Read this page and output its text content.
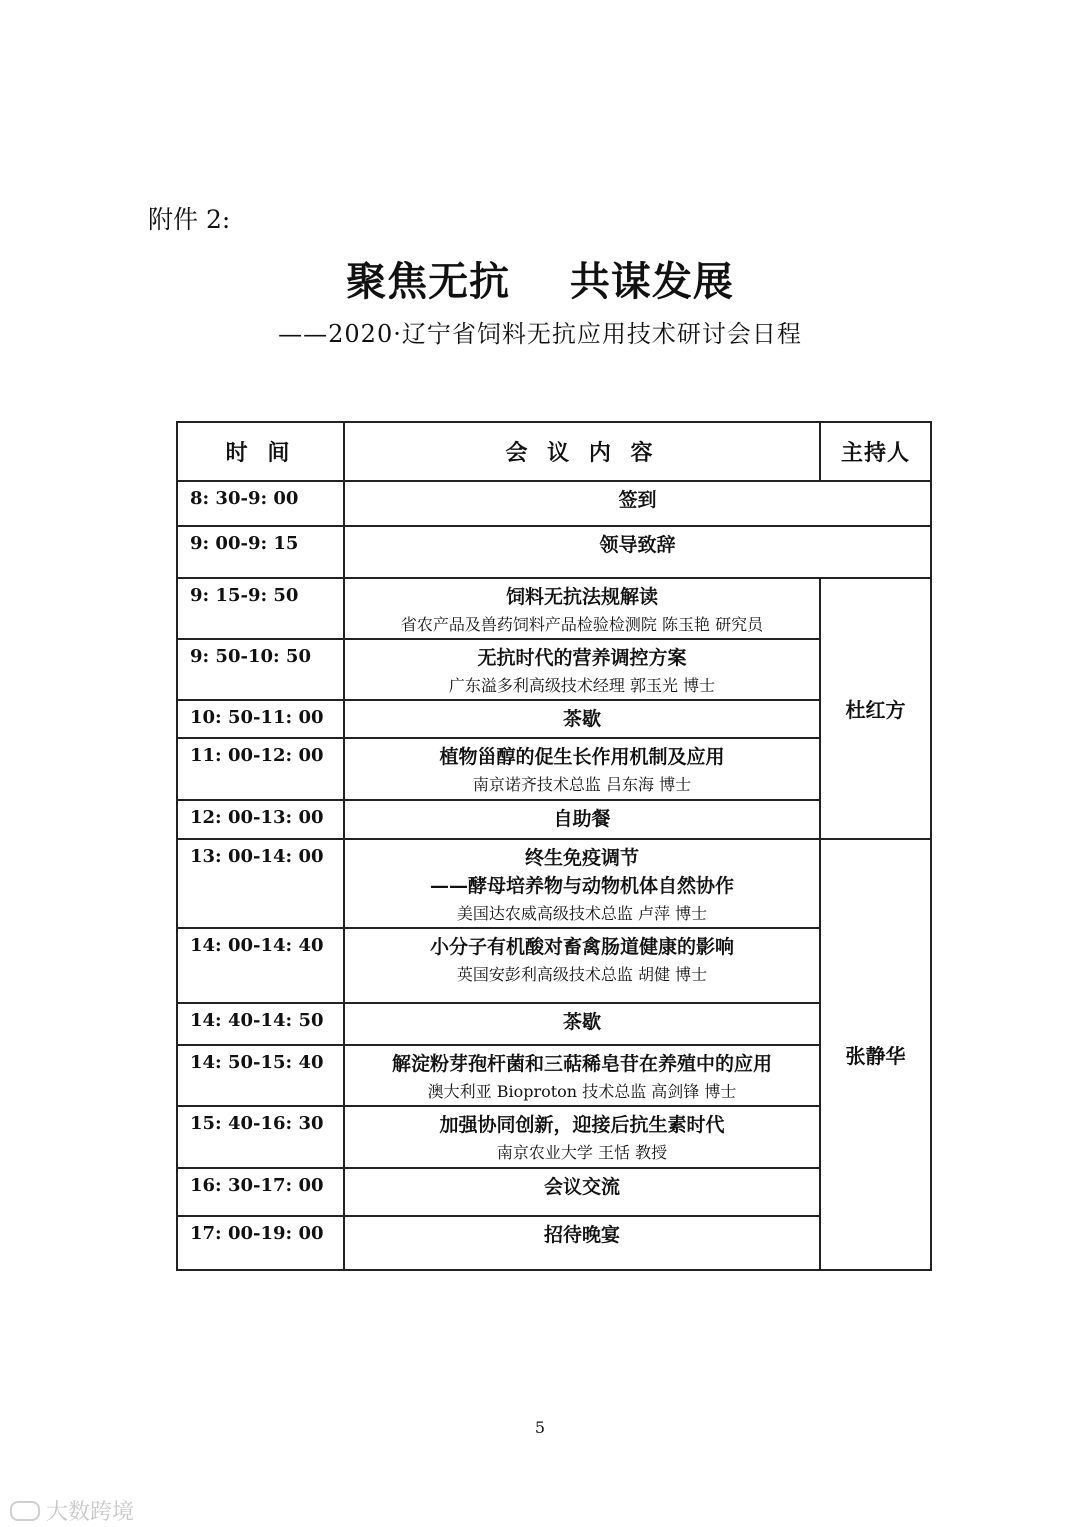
附件 2:
聚焦无抗    共谋发展
——2020·辽宁省饲料无抗应用技术研讨会日程
时 间	会 议 内 容	主持人
8: 30-9: 00	签到	

9: 00-9: 15	领导致辞	

9: 15-9: 50	饲料无抗法规解读
省农产品及兽药饲料产品检验检测院 陈玉艳 研究员	杜红方
9: 50-10: 50	无抗时代的营养调控方案
广东溢多利高级技术经理 郭玉光 博士	

10: 50-11: 00	茶歇	

11: 00-12: 00	植物甾醇的促生长作用机制及应用
南京诺齐技术总监 吕东海 博士	

12: 00-13: 00	自助餐	

13: 00-14: 00	终生免疫调节
——酵母培养物与动物机体自然协作
美国达农威高级技术总监 卢萍 博士	张静华
14: 00-14: 40	小分子有机酸对畜禽肠道健康的影响
英国安彭利高级技术总监 胡健 博士	

14: 40-14: 50	茶歇	

14: 50-15: 40	解淀粉芽孢杆菌和三萜稀皂苷在养殖中的应用
澳大利亚 Bioproton 技术总监 高剑锋 博士	

15: 40-16: 30	加强协同创新，迎接后抗生素时代
南京农业大学 王恬 教授	

16: 30-17: 00	会议交流	

17: 00-19: 00	招待晚宴	
5
大数跨境
